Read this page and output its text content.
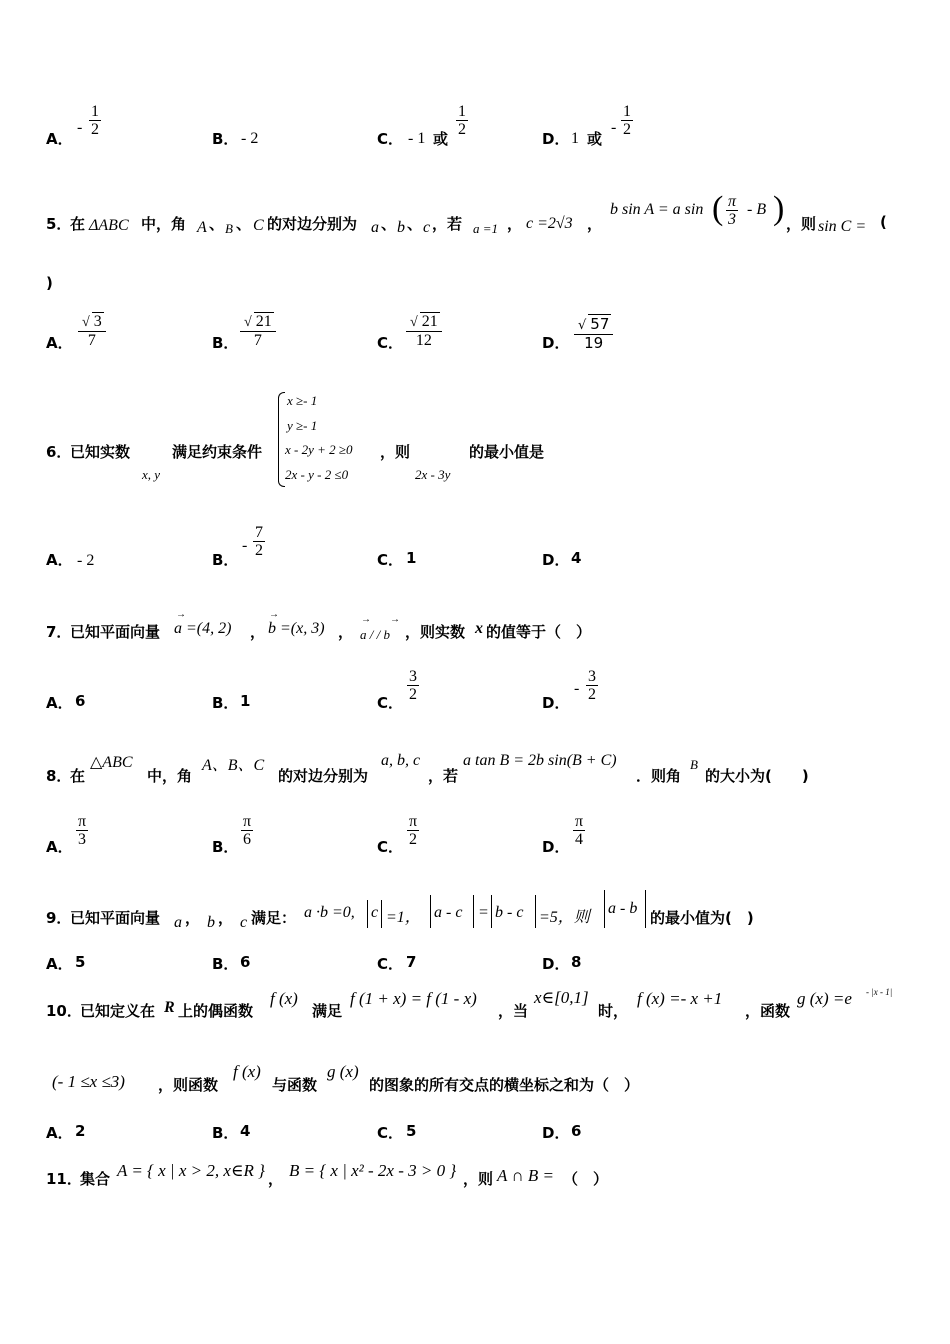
A．
-
1
2
B． - 2	C． - 1 或
1
2
D． 1 或
-
1
2
5．
在 ΔABC 中，角 A 、 B 、 C 的对边分别为 a 、 b 、 c ，若 a =1 ， c =2√3 ，
b sin A = a sin ( π
3
- B ) ，则 sin C = (
)
A．
√ 3
7	B．
√ 21
7	C．
√ 21
12	D．
√ 57
19
6．
已知实数
x, y
满足约束条件
x ≥- 1
y ≥- 1
x - 2y + 2 ≥0
2x - y - 2 ≤0
，则
2x - 3y
的最小值是
A． - 2	B．
-
7
2
C． 1	D． 4
7．
已知平面向量
→
a =(4, 2) ，
→
b =(x, 3) ，
→ →
a / / b ，则实数 x 的值等于（　）
A． 6	B． 1	C．
3
2	D．
-
3
2
8．
在
△ABC
中，角
A、B、C
的对边分别为
a, b, c
，若
a tan B = 2b sin(B + C)
．则角
B
的大小为(　　)
A．
π
3	B．
π
6	C．
π
2	D．
π
4
9．
已知平面向量 a ， b ， c 满足： a ·b =0, c =1， a - c = b - c =5，则
a - b
的最小值为(　)
A． 5	B． 6	C． 7	D． 8
10．
已知定义在 R 上的偶函数
f (x)
满足
f (1 + x) = f (1 - x)
，当
x∈[0,1]
时，
f (x) =- x +1
，函数
g (x) =e - |x - 1|
(- 1 ≤x ≤3) ，则函数
f (x)
与函数
g (x)
的图象的所有交点的横坐标之和为（　）
A． 2	B． 4	C． 5	D． 6
11．
集合 A = { x | x > 2, x∈R } ， B = { x | x² - 2x - 3 > 0 } ，则 A ∩ B = （　）
